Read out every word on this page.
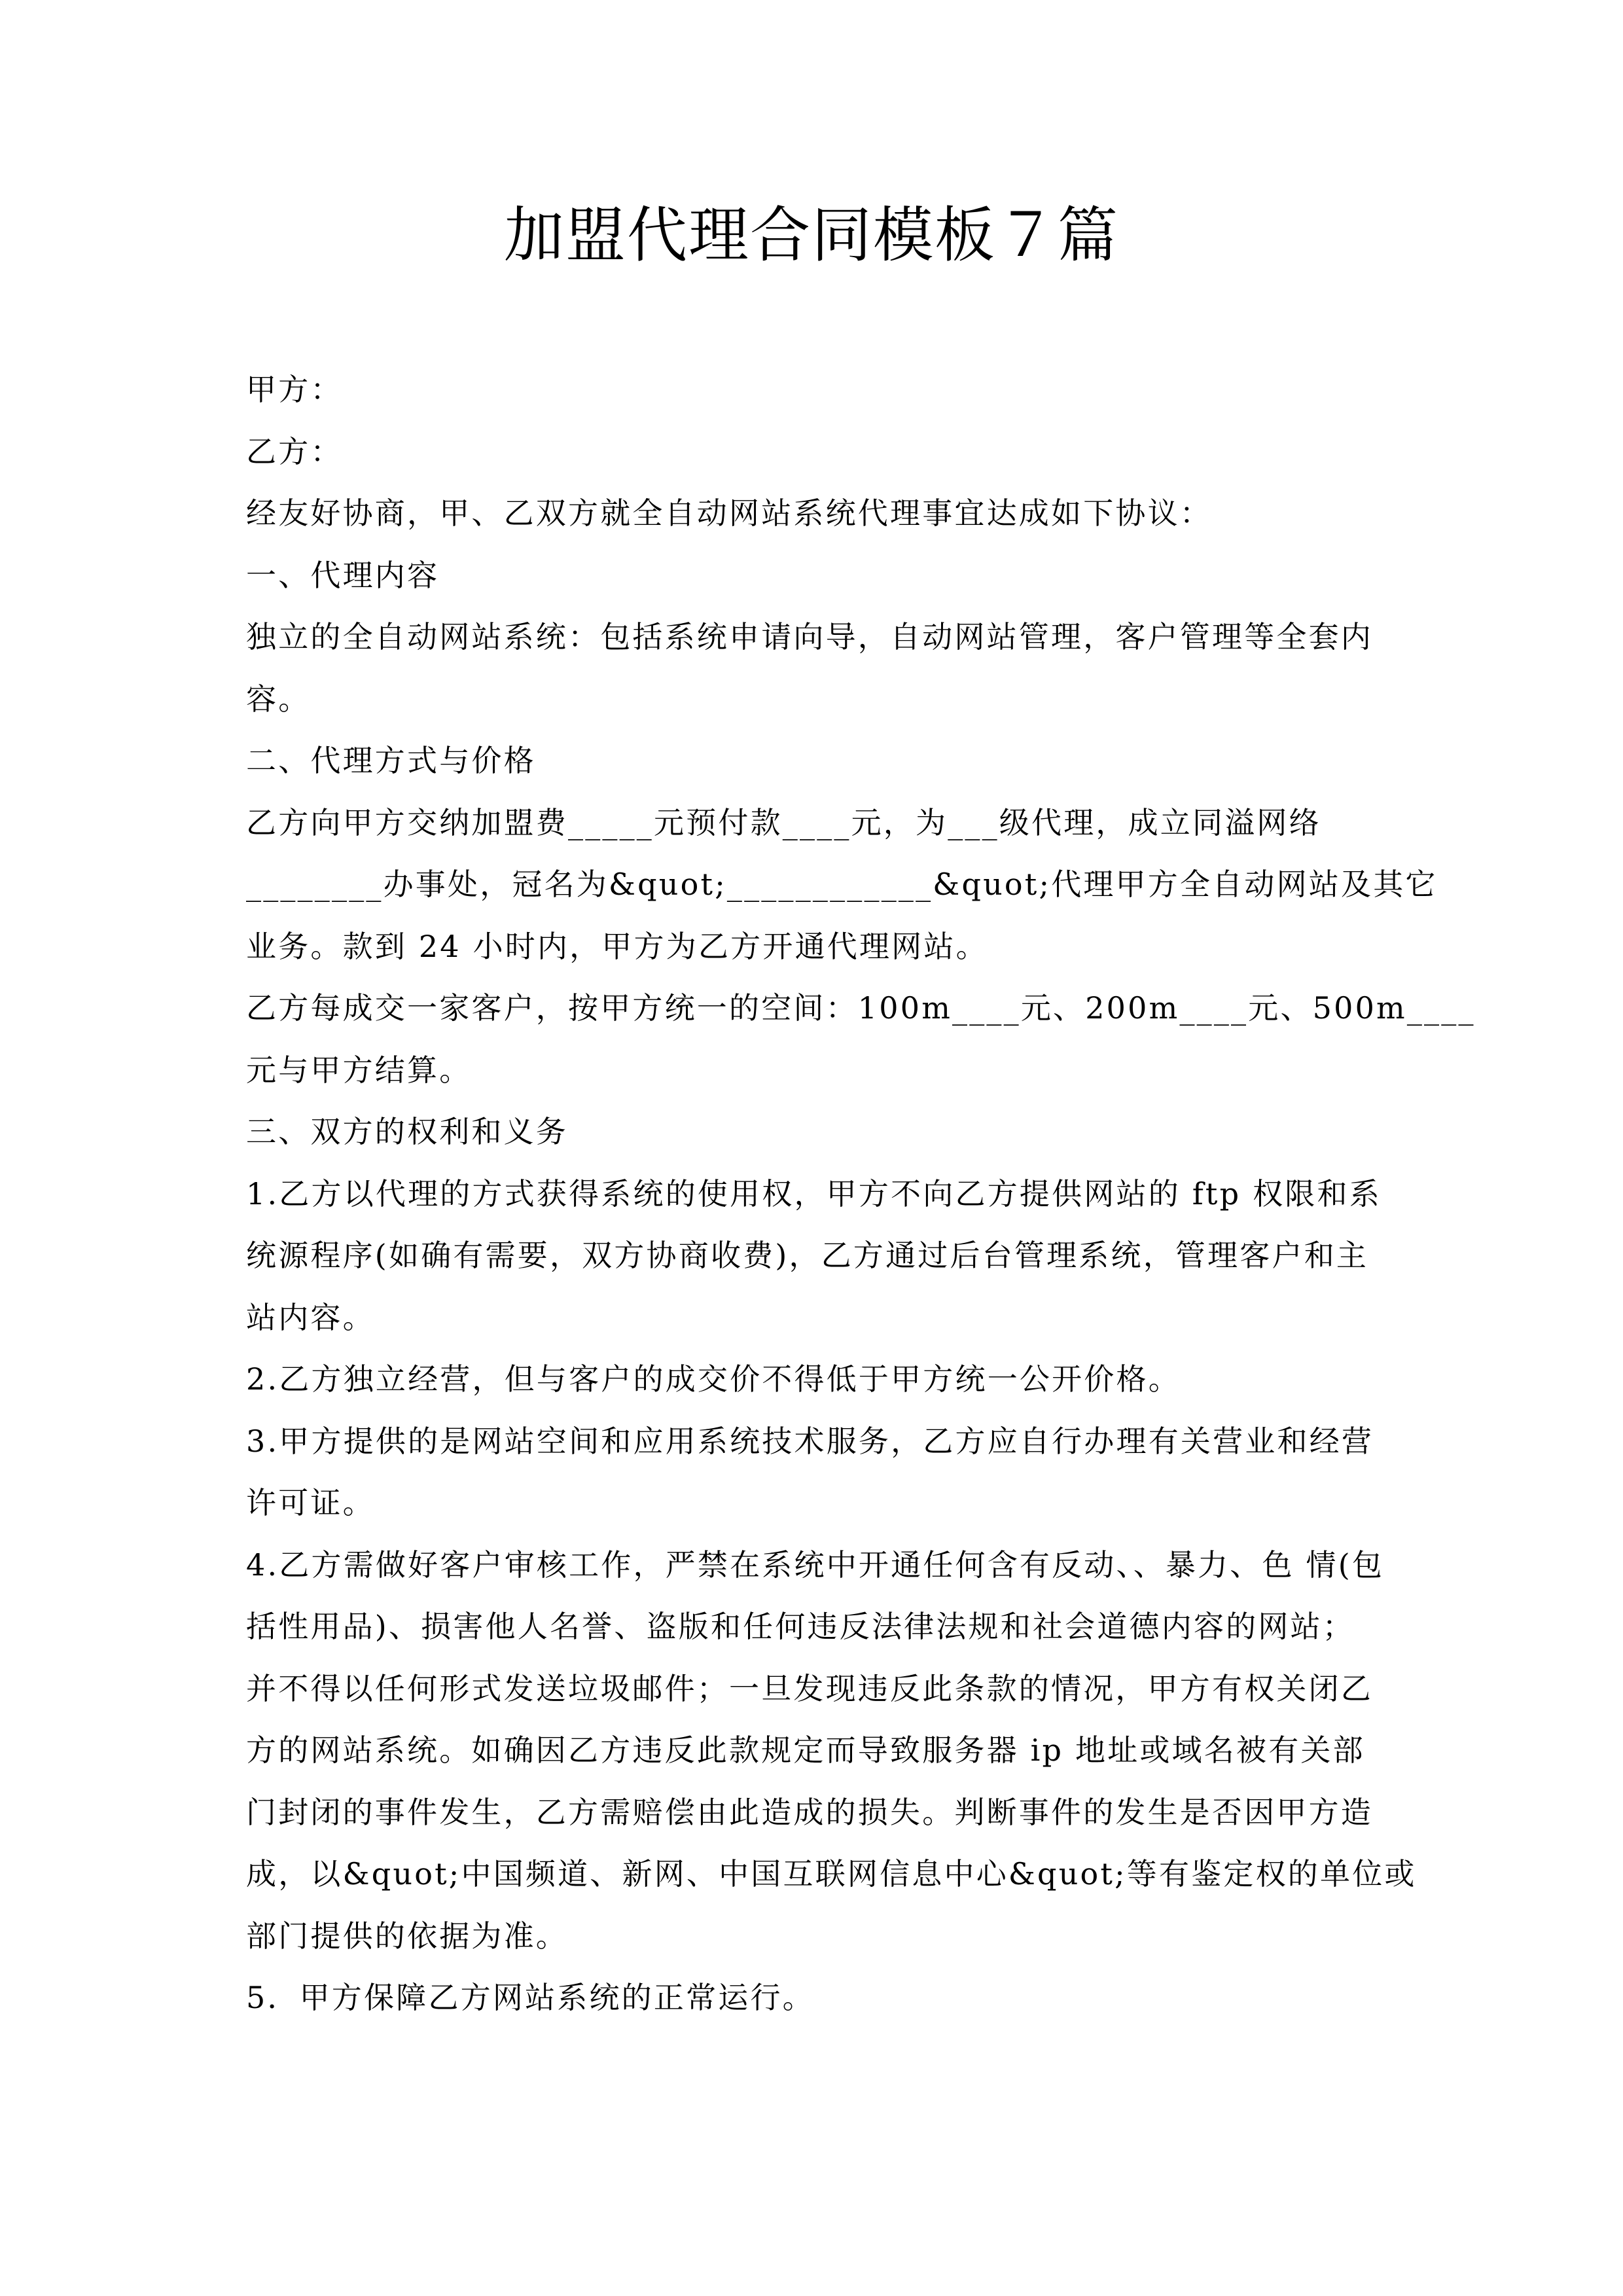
加盟代理合同模板７篇
甲方：
乙方：
经友好协商，甲、乙双方就全自动网站系统代理事宜达成如下协议：
一、代理内容
独立的全自动网站系统：包括系统申请向导，自动网站管理，客户管理等全套内
容。
二、代理方式与价格
乙方向甲方交纳加盟费_____元预付款____元，为___级代理，成立同溢网络
________办事处，冠名为&quot;____________&quot;代理甲方全自动网站及其它
业务。款到 24 小时内，甲方为乙方开通代理网站。
乙方每成交一家客户，按甲方统一的空间：100m____元、200m____元、500m____
元与甲方结算。
三、双方的权利和义务
1.乙方以代理的方式获得系统的使用权，甲方不向乙方提供网站的 ftp 权限和系
统源程序(如确有需要，双方协商收费)，乙方通过后台管理系统，管理客户和主
站内容。
2.乙方独立经营，但与客户的成交价不得低于甲方统一公开价格。
3.甲方提供的是网站空间和应用系统技术服务，乙方应自行办理有关营业和经营
许可证。
4.乙方需做好客户审核工作，严禁在系统中开通任何含有反动、、暴力、色 情(包
括性用品)、损害他人名誉、盗版和任何违反法律法规和社会道德内容的网站；
并不得以任何形式发送垃圾邮件；一旦发现违反此条款的情况，甲方有权关闭乙
方的网站系统。如确因乙方违反此款规定而导致服务器 ip 地址或域名被有关部
门封闭的事件发生，乙方需赔偿由此造成的损失。判断事件的发生是否因甲方造
成，以&quot;中国频道、新网、中国互联网信息中心&quot;等有鉴定权的单位或
部门提供的依据为准。
5．甲方保障乙方网站系统的正常运行。
